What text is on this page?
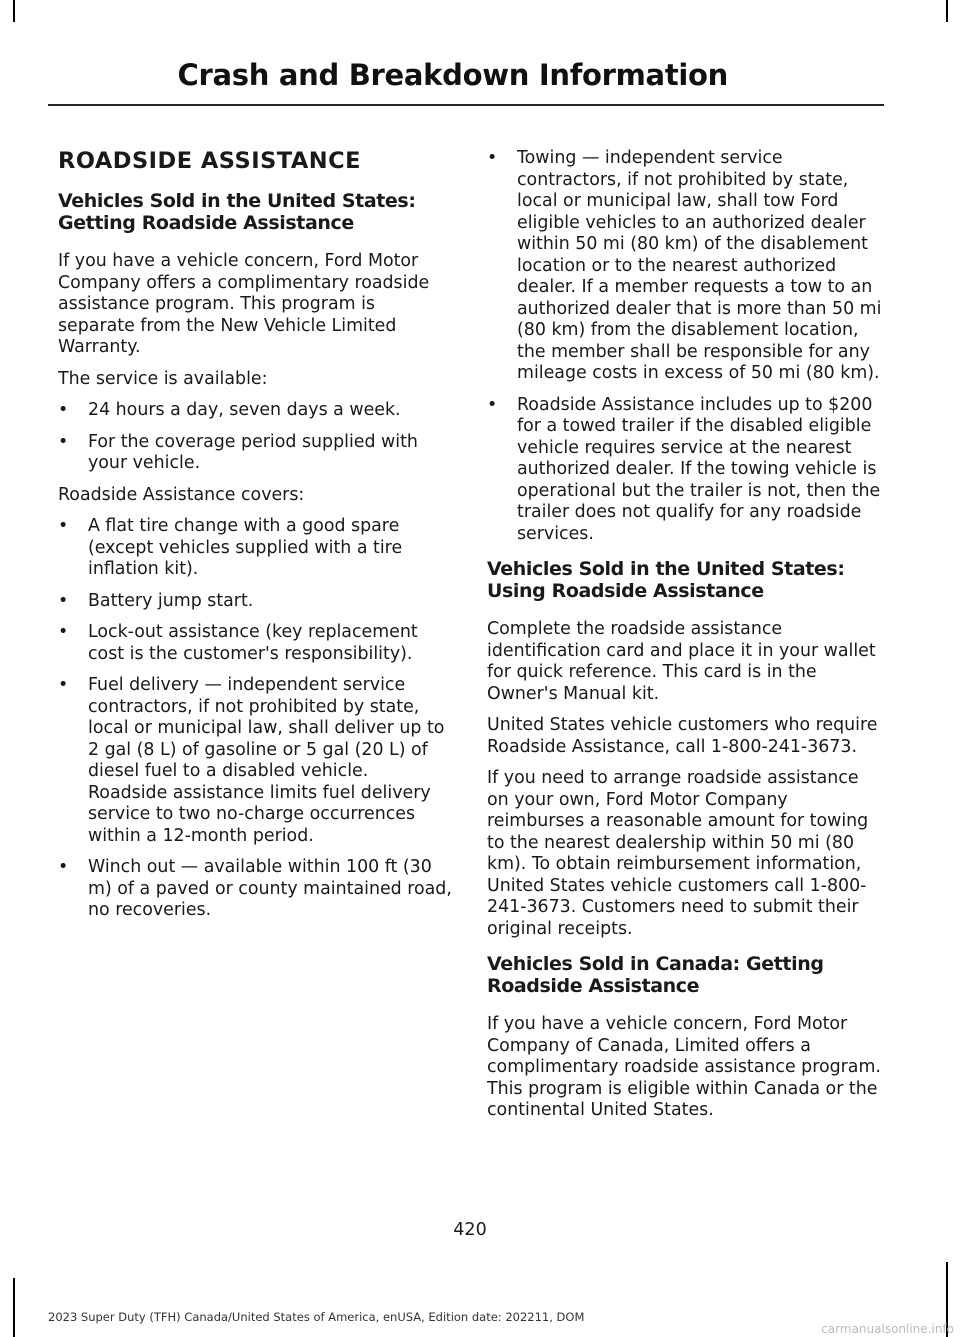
Crash and Breakdown Information
ROADSIDE ASSISTANCE
Vehicles Sold in the United States: Getting Roadside Assistance

If you have a vehicle concern, Ford Motor Company offers a complimentary roadside assistance program. This program is separate from the New Vehicle Limited Warranty.

The service is available:

• 24 hours a day, seven days a week.
• For the coverage period supplied with your vehicle.

Roadside Assistance covers:

• A flat tire change with a good spare (except vehicles supplied with a tire inflation kit).
• Battery jump start.
• Lock-out assistance (key replacement cost is the customer's responsibility).
• Fuel delivery — independent service contractors, if not prohibited by state, local or municipal law, shall deliver up to 2 gal (8 L) of gasoline or 5 gal (20 L) of diesel fuel to a disabled vehicle. Roadside assistance limits fuel delivery service to two no-charge occurrences within a 12-month period.
• Winch out — available within 100 ft (30 m) of a paved or county maintained road, no recoveries.
• Towing — independent service contractors, if not prohibited by state, local or municipal law, shall tow Ford eligible vehicles to an authorized dealer within 50 mi (80 km) of the disablement location or to the nearest authorized dealer. If a member requests a tow to an authorized dealer that is more than 50 mi (80 km) from the disablement location, the member shall be responsible for any mileage costs in excess of 50 mi (80 km).
• Roadside Assistance includes up to $200 for a towed trailer if the disabled eligible vehicle requires service at the nearest authorized dealer. If the towing vehicle is operational but the trailer is not, then the trailer does not qualify for any roadside services.
Vehicles Sold in the United States: Using Roadside Assistance

Complete the roadside assistance identification card and place it in your wallet for quick reference. This card is in the Owner's Manual kit.

United States vehicle customers who require Roadside Assistance, call 1-800-241-3673.

If you need to arrange roadside assistance on your own, Ford Motor Company reimburses a reasonable amount for towing to the nearest dealership within 50 mi (80 km). To obtain reimbursement information, United States vehicle customers call 1-800-241-3673. Customers need to submit their original receipts.

Vehicles Sold in Canada: Getting Roadside Assistance

If you have a vehicle concern, Ford Motor Company of Canada, Limited offers a complimentary roadside assistance program. This program is eligible within Canada or the continental United States.

420
2023 Super Duty (TFH) Canada/United States of America, enUSA, Edition date: 202211, DOM
carmanualsonline.info
